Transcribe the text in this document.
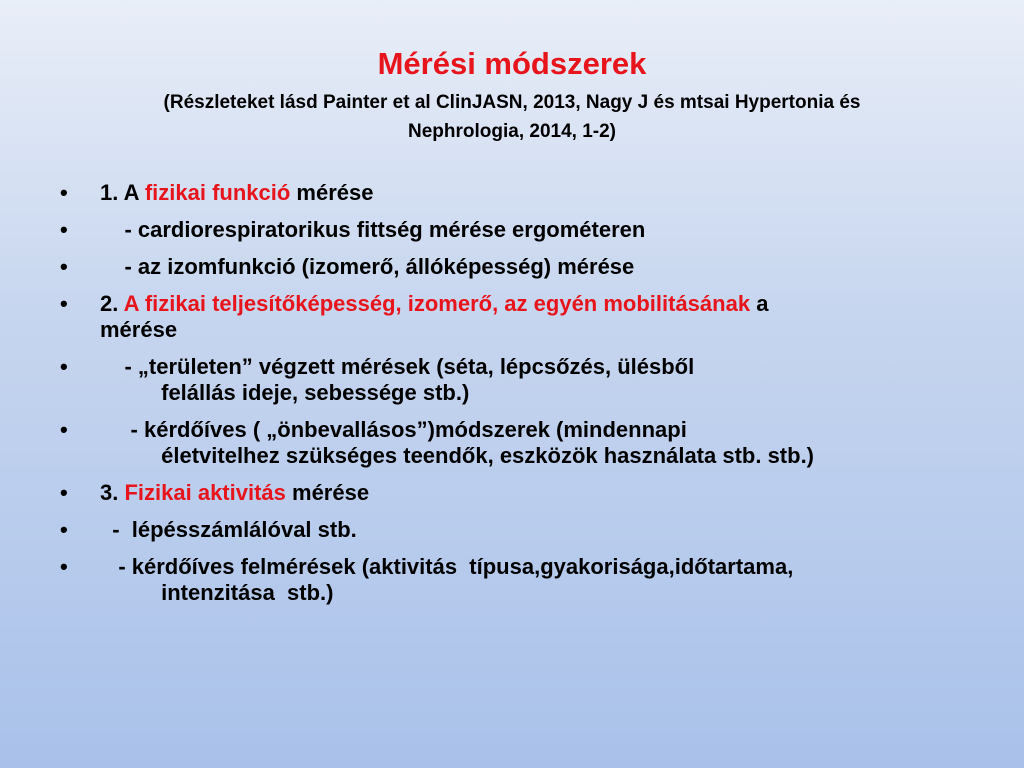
Mérési módszerek

(Részleteket lásd Painter et al ClinJASN, 2013, Nagy J és mtsai Hypertonia és
Nephrologia, 2014, 1-2)

•	1. A fizikai funkció mérése
•	- cardiorespiratorikus fittség mérése ergométeren
•	- az izomfunkció (izomerő, állóképesség) mérése
•	2. A fizikai teljesítőképesség, izomerő, az egyén mobilitásának a
mérése
•	- „területen” végzett mérések (séta, lépcsőzés, ülésből
felállás ideje, sebessége stb.)
•	- kérdőíves ( „önbevallásos”)módszerek (mindennapi
életvitelhez szükséges teendők, eszközök használata stb. stb.)
•	3. Fizikai aktivitás mérése
•	-  lépésszámlálóval stb.
•	- kérdőíves felmérések (aktivitás  típusa,gyakorisága,időtartama,
intenzitása  stb.)
